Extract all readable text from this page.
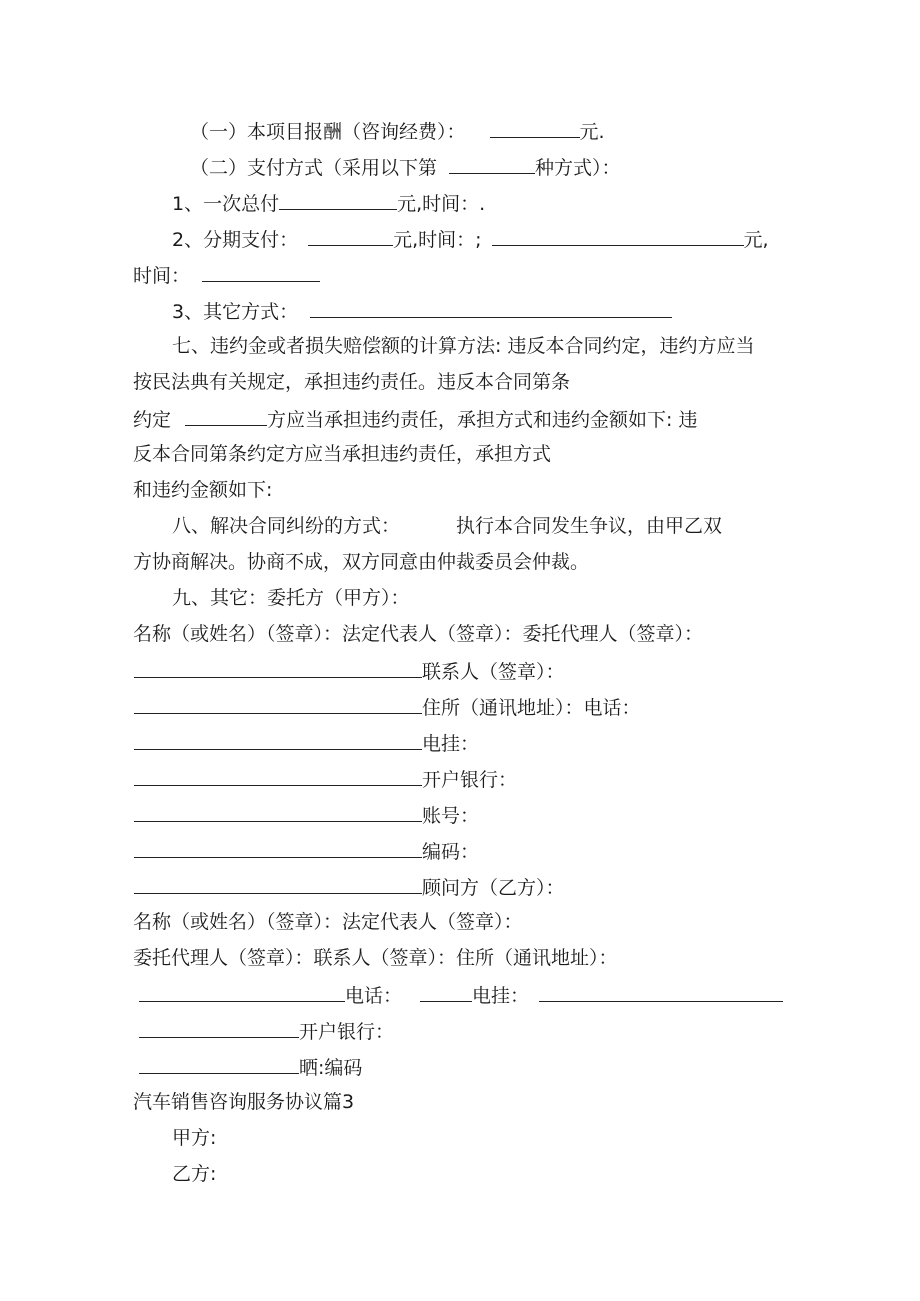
（一）本项目报酬（咨询经费）：	元.
（二）支付方式（采用以下第	种方式）：
1、一次总付	元,时间：.
2、分期支付：	元,时间：;	元,
时间：
3、其它方式：
七、违约金或者损失赔偿额的计算方法: 违反本合同约定，违约方应当
按民法典有关规定，承担违约责任。违反本合同第条
约定	方应当承担违约责任，承担方式和违约金额如下: 违
反本合同第条约定方应当承担违约责任，承担方式
和违约金额如下:
八、解决合同纠纷的方式：	执行本合同发生争议，由甲乙双
方协商解决。协商不成，双方同意由仲裁委员会仲裁。
九、其它：委托方（甲方）：
名称（或姓名）（签章）：法定代表人（签章）：委托代理人（签章）：
联系人（签章）：
住所（通讯地址）：电话：
电挂：
开户银行：
账号：
编码：
顾问方（乙方）：
名称（或姓名）（签章）：法定代表人（签章）：
委托代理人（签章）：联系人（签章）：住所（通讯地址）：
电话：	电挂：
开户银行：
晒:编码
汽车销售咨询服务协议篇3
甲方:
乙方:
